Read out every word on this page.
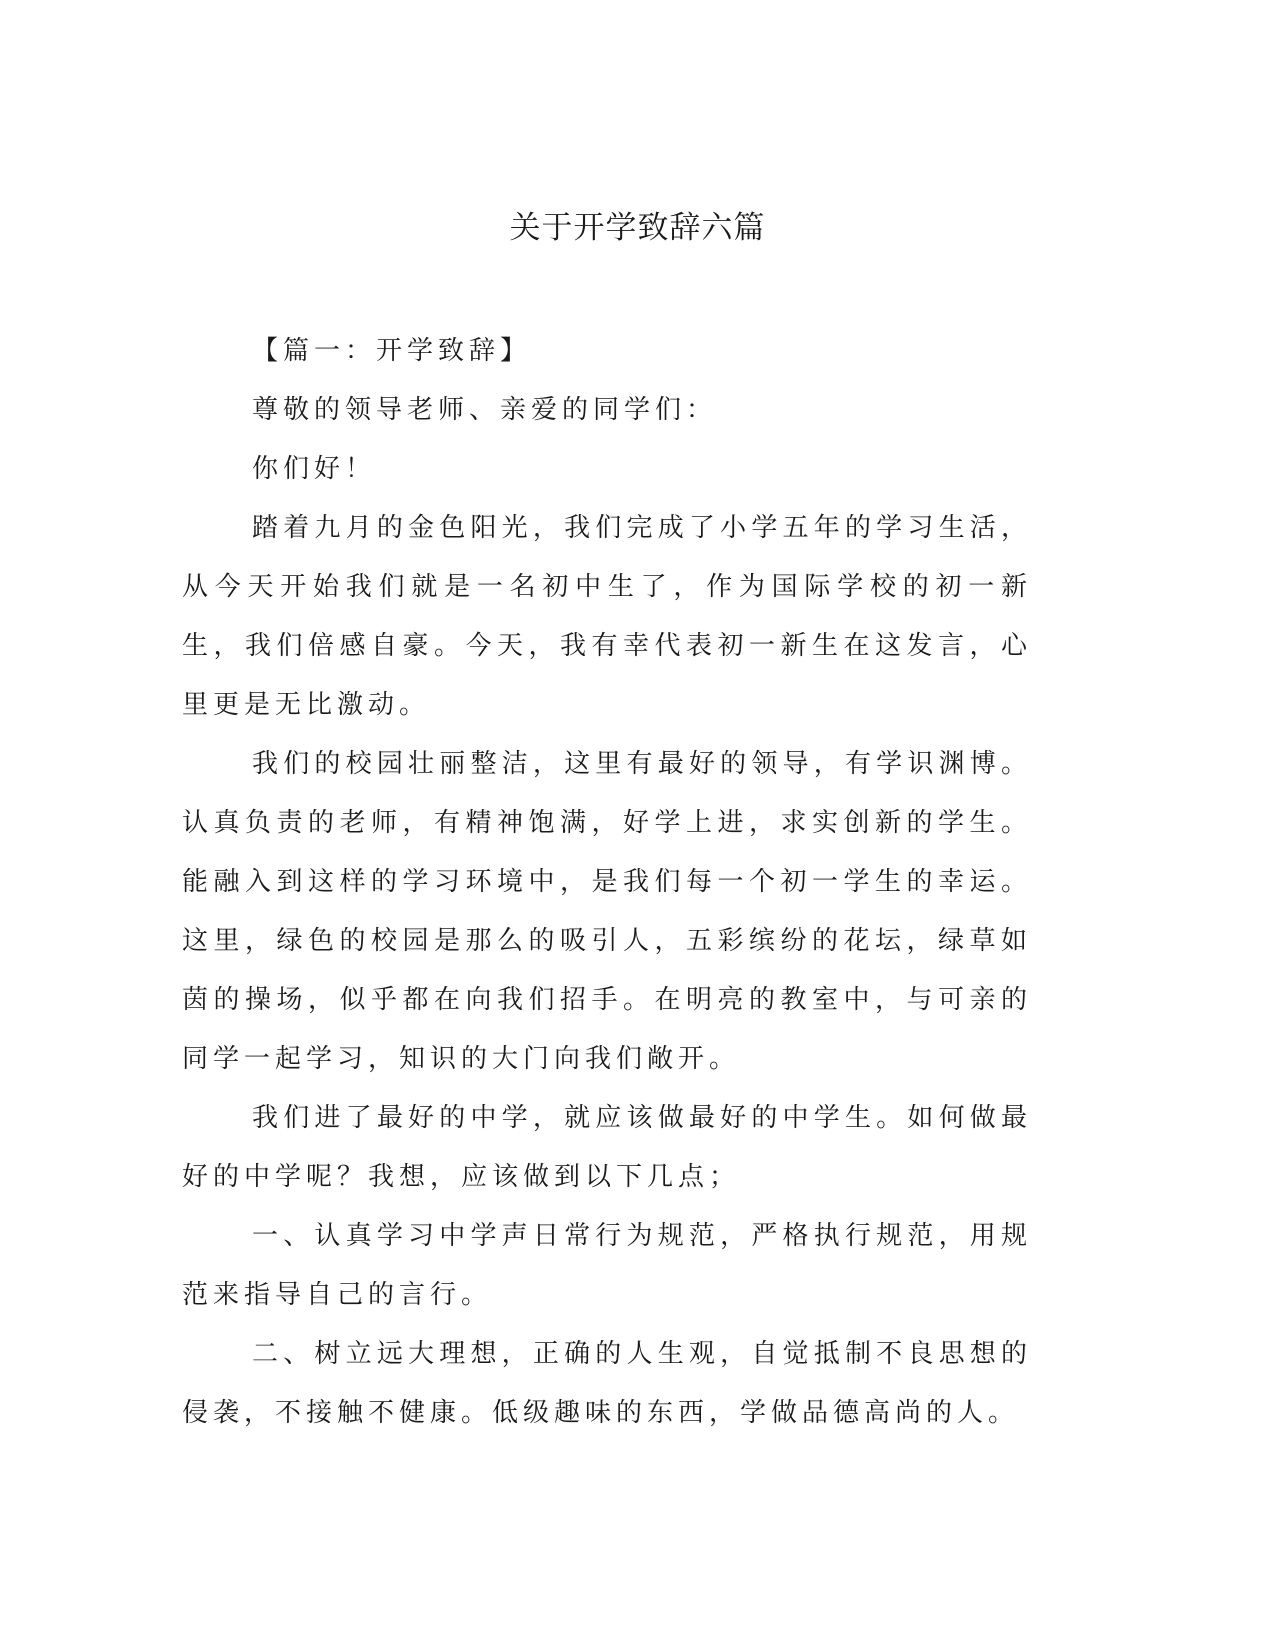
关于开学致辞六篇

【篇一：开学致辞】

尊敬的领导老师、亲爱的同学们：

你们好！

踏着九月的金色阳光，我们完成了小学五年的学习生活，从今天开始我们就是一名初中生了，作为国际学校的初一新生，我们倍感自豪。今天，我有幸代表初一新生在这发言，心里更是无比激动。

我们的校园壮丽整洁，这里有最好的领导，有学识渊博。认真负责的老师，有精神饱满，好学上进，求实创新的学生。能融入到这样的学习环境中，是我们每一个初一学生的幸运。这里，绿色的校园是那么的吸引人，五彩缤纷的花坛，绿草如茵的操场，似乎都在向我们招手。在明亮的教室中，与可亲的同学一起学习，知识的大门向我们敞开。

我们进了最好的中学，就应该做最好的中学生。如何做最好的中学呢？我想，应该做到以下几点；

一、认真学习中学声日常行为规范，严格执行规范，用规范来指导自己的言行。

二、树立远大理想，正确的人生观，自觉抵制不良思想的侵袭，不接触不健康。低级趣味的东西，学做品德高尚的人。
